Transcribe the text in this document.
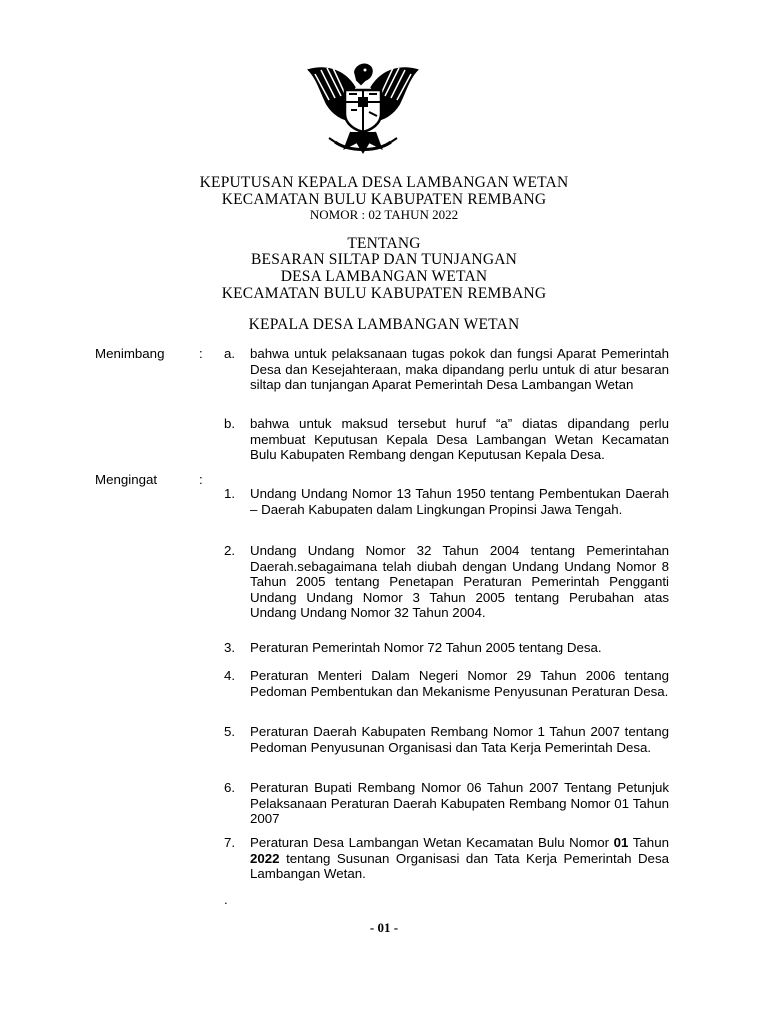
KEPUTUSAN KEPALA DESA LAMBANGAN WETAN
KECAMATAN BULU KABUPATEN REMBANG
NOMOR : 02 TAHUN 2022
TENTANG
BESARAN SILTAP DAN TUNJANGAN
DESA LAMBANGAN WETAN
KECAMATAN BULU KABUPATEN REMBANG
KEPALA DESA LAMBANGAN WETAN
Menimbang	: a. bahwa untuk pelaksanaan tugas pokok dan fungsi Aparat Pemerintah Desa dan Kesejahteraan, maka dipandang perlu untuk di atur besaran siltap dan tunjangan Aparat Pemerintah Desa Lambangan Wetan
b. bahwa untuk maksud tersebut huruf “a” diatas dipandang perlu membuat Keputusan Kepala Desa Lambangan Wetan Kecamatan Bulu Kabupaten Rembang dengan Keputusan Kepala Desa.
Mengingat	:
1. Undang Undang Nomor 13 Tahun 1950 tentang Pembentukan Daerah – Daerah Kabupaten dalam Lingkungan Propinsi Jawa Tengah.
2. Undang Undang Nomor 32 Tahun 2004 tentang Pemerintahan Daerah.sebagaimana telah diubah dengan Undang Undang Nomor 8 Tahun 2005 tentang Penetapan Peraturan Pemerintah Pengganti Undang Undang Nomor 3 Tahun 2005 tentang Perubahan atas Undang Undang Nomor 32 Tahun 2004.
3. Peraturan Pemerintah Nomor 72 Tahun 2005 tentang Desa.
4. Peraturan Menteri Dalam Negeri Nomor 29 Tahun 2006 tentang Pedoman Pembentukan dan Mekanisme Penyusunan Peraturan Desa.
5. Peraturan Daerah Kabupaten Rembang Nomor 1 Tahun 2007 tentang Pedoman Penyusunan Organisasi dan Tata Kerja Pemerintah Desa.
6. Peraturan Bupati Rembang Nomor 06 Tahun 2007 Tentang Petunjuk Pelaksanaan Peraturan Daerah Kabupaten Rembang Nomor 01 Tahun 2007
7. Peraturan Desa Lambangan Wetan Kecamatan Bulu Nomor 01 Tahun 2022 tentang Susunan Organisasi dan Tata Kerja Pemerintah Desa Lambangan Wetan.
.
- 01 -
